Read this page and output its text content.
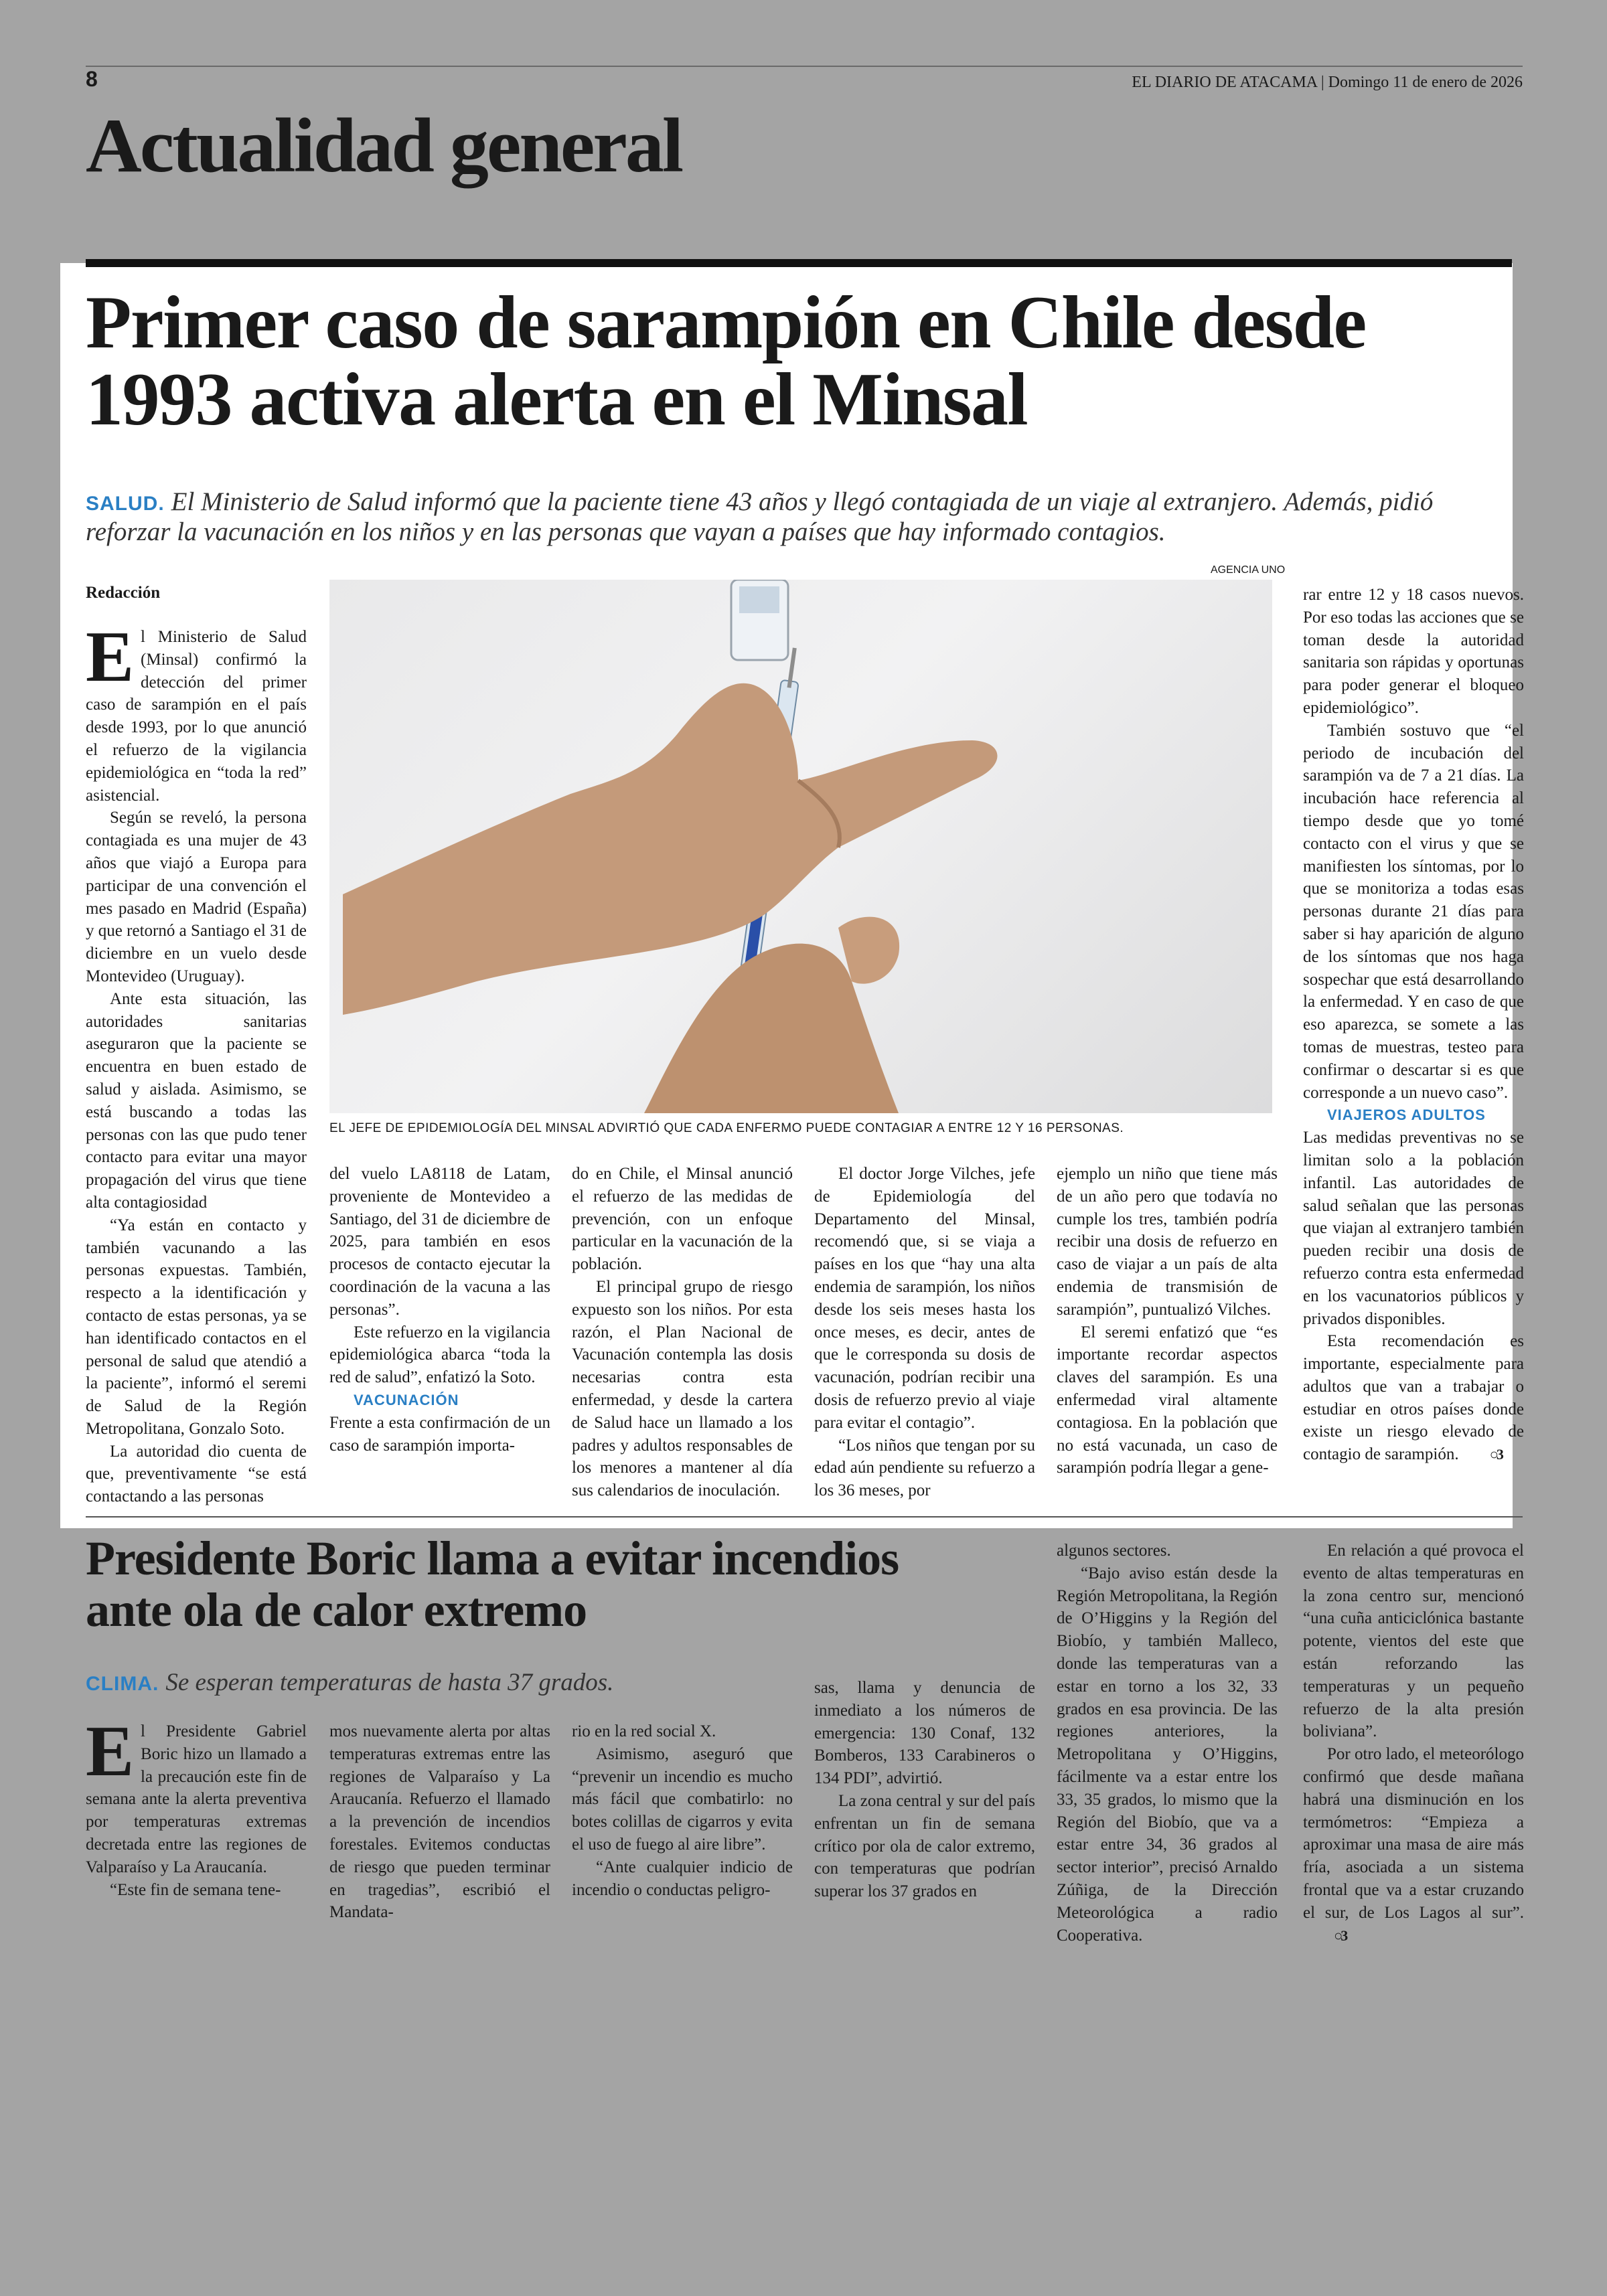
8	EL DIARIO DE ATACAMA | Domingo 11 de enero de 2026
Actualidad general
Primer caso de sarampión en Chile desde 1993 activa alerta en el Minsal
SALUD. El Ministerio de Salud informó que la paciente tiene 43 años y llegó contagiada de un viaje al extranjero. Además, pidió reforzar la vacunación en los niños y en las personas que vayan a países que hay informado contagios.
Redacción
AGENCIA UNO
EL JEFE DE EPIDEMIOLOGÍA DEL MINSAL ADVIRTIÓ QUE CADA ENFERMO PUEDE CONTAGIAR A ENTRE 12 Y 16 PERSONAS.
E l Ministerio de Salud (Minsal) confirmó la detección del primer caso de sarampión en el país desde 1993, por lo que anunció el refuerzo de la vigilancia epidemiológica en “toda la red” asistencial.

Según se reveló, la persona contagiada es una mujer de 43 años que viajó a Europa para participar de una convención el mes pasado en Madrid (España) y que retornó a Santiago el 31 de diciembre en un vuelo desde Montevideo (Uruguay).

Ante esta situación, las autoridades sanitarias aseguraron que la paciente se encuentra en buen estado de salud y aislada. Asimismo, se está buscando a todas las personas con las que pudo tener contacto para evitar una mayor propagación del virus que tiene alta contagiosidad

“Ya están en contacto y también vacunando a las personas expuestas. También, respecto a la identificación y contacto de estas personas, ya se han identificado contactos en el personal de salud que atendió a la paciente”, informó el seremi de Salud de la Región Metropolitana, Gonzalo Soto.

La autoridad dio cuenta de que, preventivamente “se está contactando a las personas

del vuelo LA8118 de Latam, proveniente de Montevideo a Santiago, del 31 de diciembre de 2025, para también en esos procesos de contacto ejecutar la coordinación de la vacuna a las personas”.

Este refuerzo en la vigilancia epidemiológica abarca “toda la red de salud”, enfatizó la Soto.

VACUNACIÓN

Frente a esta confirmación de un caso de sarampión importa-

do en Chile, el Minsal anunció el refuerzo de las medidas de prevención, con un enfoque particular en la vacunación de la población.

El principal grupo de riesgo expuesto son los niños. Por esta razón, el Plan Nacional de Vacunación contempla las dosis necesarias contra esta enfermedad, y desde la cartera de Salud hace un llamado a los padres y adultos responsables de los menores a mantener al día sus calendarios de inoculación.

El doctor Jorge Vilches, jefe de Epidemiología del Departamento del Minsal, recomendó que, si se viaja a países en los que “hay una alta endemia de sarampión, los niños desde los seis meses hasta los once meses, es decir, antes de que le corresponda su dosis de vacunación, podrían recibir una dosis de refuerzo previo al viaje para evitar el contagio”.

“Los niños que tengan por su edad aún pendiente su refuerzo a los 36 meses, por

ejemplo un niño que tiene más de un año pero que todavía no cumple los tres, también podría recibir una dosis de refuerzo en caso de viajar a un país de alta endemia de transmisión de sarampión”, puntualizó Vilches.

El seremi enfatizó que “es importante recordar aspectos claves del sarampión. Es una enfermedad viral altamente contagiosa. En la población que no está vacunada, un caso de sarampión podría llegar a gene-

rar entre 12 y 18 casos nuevos. Por eso todas las acciones que se toman desde la autoridad sanitaria son rápidas y oportunas para poder generar el bloqueo epidemiológico”.

También sostuvo que “el periodo de incubación del sarampión va de 7 a 21 días. La incubación hace referencia al tiempo desde que yo tomé contacto con el virus y que se manifiesten los síntomas, por lo que se monitoriza a todas esas personas durante 21 días para saber si hay aparición de alguno de los síntomas que nos haga sospechar que está desarrollando la enfermedad. Y en caso de que eso aparezca, se somete a las tomas de muestras, testeo para confirmar o descartar si es que corresponde a un nuevo caso”.

VIAJEROS ADULTOS

Las medidas preventivas no se limitan solo a la población infantil. Las autoridades de salud señalan que las personas que viajan al extranjero también pueden recibir una dosis de refuerzo contra esta enfermedad en los vacunatorios públicos y privados disponibles.

Esta recomendación es importante, especialmente para adultos que van a trabajar o estudiar en otros países donde existe un riesgo elevado de contagio de sarampión. ○3

Presidente Boric llama a evitar incendios ante ola de calor extremo
CLIMA. Se esperan temperaturas de hasta 37 grados.
E l Presidente Gabriel Boric hizo un llamado a la precaución este fin de semana ante la alerta preventiva por temperaturas extremas decretada entre las regiones de Valparaíso y La Araucanía.

“Este fin de semana tene-

mos nuevamente alerta por altas temperaturas extremas entre las regiones de Valparaíso y La Araucanía. Refuerzo el llamado a la prevención de incendios forestales. Evitemos conductas de riesgo que pueden terminar en tragedias”, escribió el Mandata-

rio en la red social X.

Asimismo, aseguró que “prevenir un incendio es mucho más fácil que combatirlo: no botes colillas de cigarros y evita el uso de fuego al aire libre”.

“Ante cualquier indicio de incendio o conductas peligro-

sas, llama y denuncia de inmediato a los números de emergencia: 130 Conaf, 132 Bomberos, 133 Carabineros o 134 PDI”, advirtió.

La zona central y sur del país enfrentan un fin de semana crítico por ola de calor extremo, con temperaturas que podrían superar los 37 grados en

algunos sectores.

“Bajo aviso están desde la Región Metropolitana, la Región de O’Higgins y la Región del Biobío, y también Malleco, donde las temperaturas van a estar en torno a los 32, 33 grados en esa provincia. De las regiones anteriores, la Metropolitana y O’Higgins, fácilmente va a estar entre los 33, 35 grados, lo mismo que la Región del Biobío, que va a estar entre 34, 36 grados al sector interior”, precisó Arnaldo Zúñiga, de la Dirección Meteorológica a radio Cooperativa.

En relación a qué provoca el evento de altas temperaturas en la zona centro sur, mencionó “una cuña anticiclónica bastante potente, vientos del este que están reforzando las temperaturas y un pequeño refuerzo de la alta presión boliviana”.

Por otro lado, el meteorólogo confirmó que desde mañana habrá una disminución en los termómetros: “Empieza a aproximar una masa de aire más fría, asociada a un sistema frontal que va a estar cruzando el sur, de Los Lagos al sur”.○3
